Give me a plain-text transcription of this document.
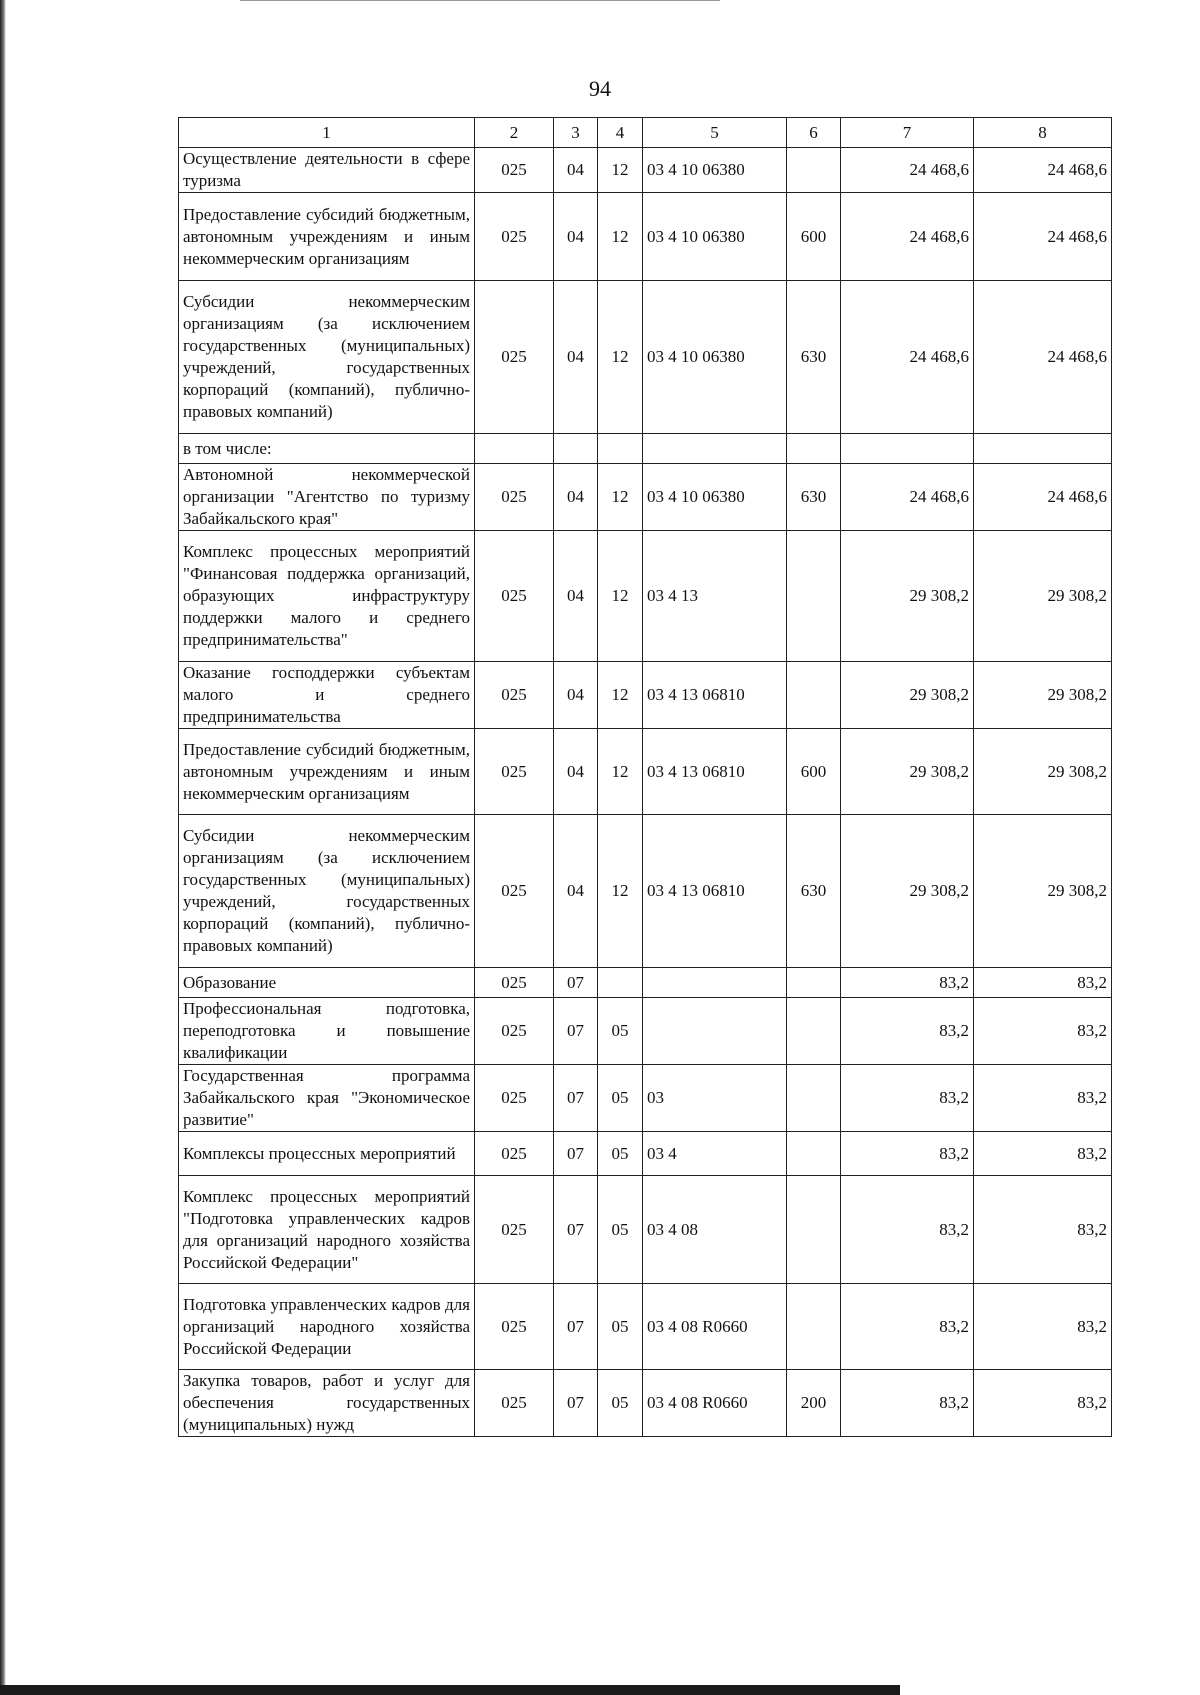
94
1	2	3	4	5	6	7	8
Осуществление деятельности в сфере туризма	025	04	12	03 4 10 06380		24 468,6	24 468,6
Предоставление субсидий бюджетным, автономным учреждениям и иным некоммерческим организациям	025	04	12	03 4 10 06380	600	24 468,6	24 468,6
Субсидии некоммерческим организациям (за исключением государственных (муниципальных) учреждений, государственных корпораций (компаний), публично-правовых компаний)	025	04	12	03 4 10 06380	630	24 468,6	24 468,6
в том числе:							
Автономной некоммерческой организации "Агентство по туризму Забайкальского края"	025	04	12	03 4 10 06380	630	24 468,6	24 468,6
Комплекс процессных мероприятий "Финансовая поддержка организаций, образующих инфраструктуру поддержки малого и среднего предпринимательства"	025	04	12	03 4 13		29 308,2	29 308,2
Оказание господдержки субъектам малого и среднего предпринимательства	025	04	12	03 4 13 06810		29 308,2	29 308,2
Предоставление субсидий бюджетным, автономным учреждениям и иным некоммерческим организациям	025	04	12	03 4 13 06810	600	29 308,2	29 308,2
Субсидии некоммерческим организациям (за исключением государственных (муниципальных) учреждений, государственных корпораций (компаний), публично-правовых компаний)	025	04	12	03 4 13 06810	630	29 308,2	29 308,2
Образование	025	07				83,2	83,2
Профессиональная подготовка, переподготовка и повышение квалификации	025	07	05			83,2	83,2
Государственная программа Забайкальского края "Экономическое развитие"	025	07	05	03		83,2	83,2
Комплексы процессных мероприятий	025	07	05	03 4		83,2	83,2
Комплекс процессных мероприятий "Подготовка управленческих кадров для организаций народного хозяйства Российской Федерации"	025	07	05	03 4 08		83,2	83,2
Подготовка управленческих кадров для организаций народного хозяйства Российской Федерации	025	07	05	03 4 08 R0660		83,2	83,2
Закупка товаров, работ и услуг для обеспечения государственных (муниципальных) нужд	025	07	05	03 4 08 R0660	200	83,2	83,2
